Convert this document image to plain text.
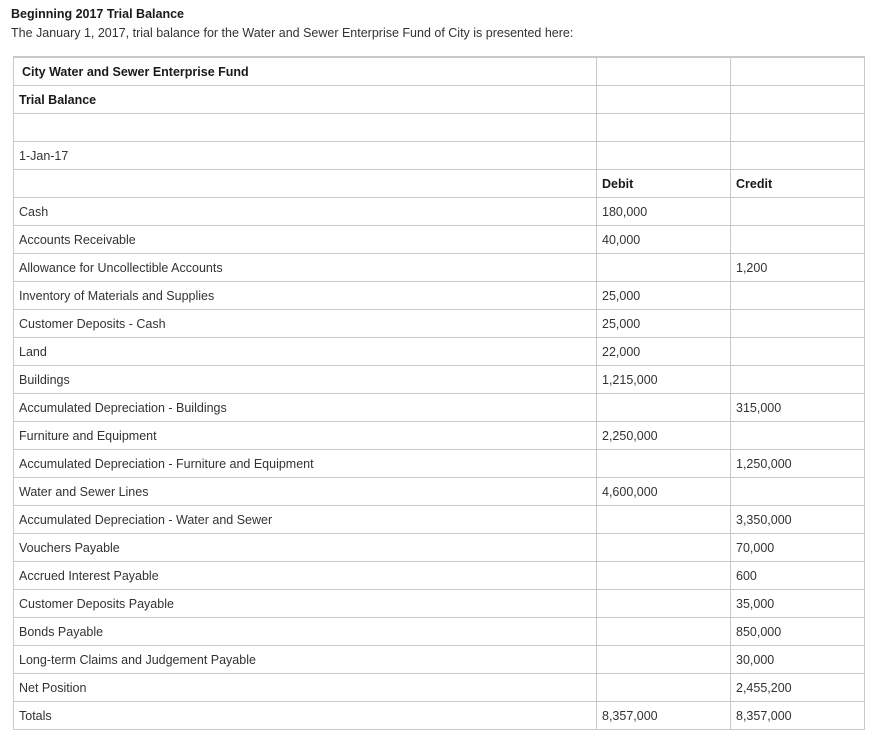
Beginning 2017 Trial Balance
The January 1, 2017, trial balance for the Water and Sewer Enterprise Fund of City is presented here:
City Water and Sewer Enterprise Fund		
Trial Balance		

1-Jan-17		
	Debit	Credit
Cash	180,000	
Accounts Receivable	40,000	
Allowance for Uncollectible Accounts		1,200
Inventory of Materials and Supplies	25,000	
Customer Deposits - Cash	25,000	
Land	22,000	
Buildings	1,215,000	
Accumulated Depreciation - Buildings		315,000
Furniture and Equipment	2,250,000	
Accumulated Depreciation - Furniture and Equipment		1,250,000
Water and Sewer Lines	4,600,000	
Accumulated Depreciation - Water and Sewer		3,350,000
Vouchers Payable		70,000
Accrued Interest Payable		600
Customer Deposits Payable		35,000
Bonds Payable		850,000
Long-term Claims and Judgement Payable		30,000
Net Position		2,455,200
Totals	8,357,000	8,357,000
